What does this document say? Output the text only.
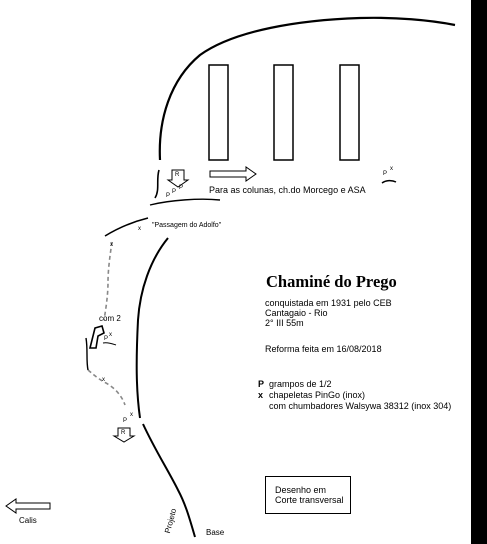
R
R
P
P
P
P
x
"Passagem do Adolfo"
x
x
com 2
P
x
x
P
x
Para as colunas, ch.do Morcego e ASA
Chaminé do Prego
conquistada em 1931 pelo CEB
Cantagaio - Rio
2° III 55m
Reforma feita em 16/08/2018
P grampos de 1/2
x chapeletas PinGo (inox)
com chumbadores Walsywa 38312 (inox 304)
Desenho em
Corte transversal
Calis	Projeto	Base
